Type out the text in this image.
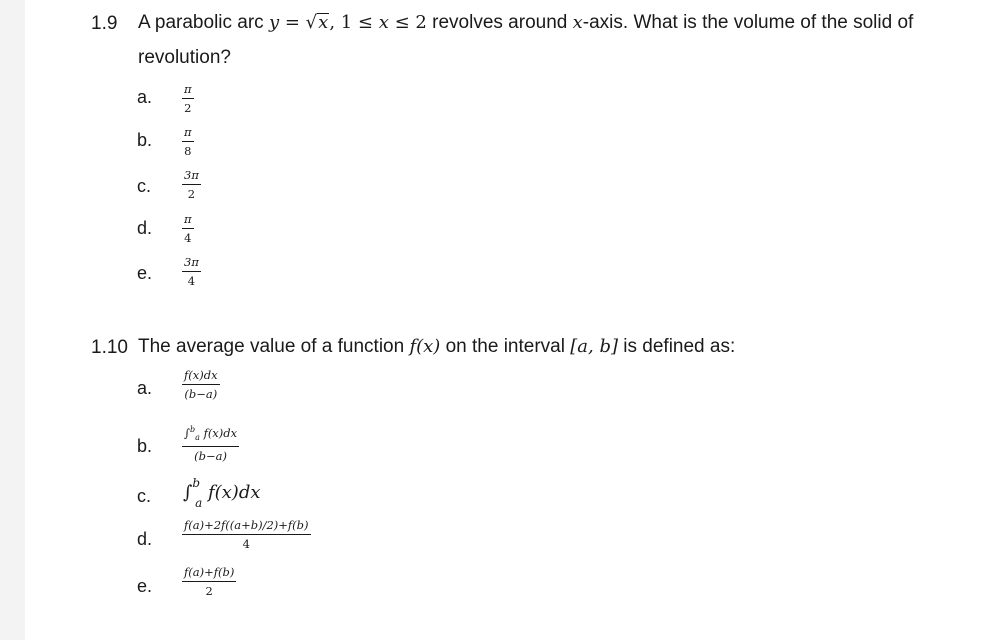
1.9 A parabolic arc y = √x, 1 ≤ x ≤ 2 revolves around x-axis. What is the volume of the solid of
revolution?
a.	$\frac{\pi}{2}$
b.	$\frac{\pi}{8}$
c.	$\frac{3\pi}{2}$
d.	$\frac{\pi}{4}$
e.	$\frac{3\pi}{4}$
1.10 The average value of a function f(x) on the interval [a, b] is defined as:
a.	$\frac{f(x)dx}{(b-a)}$
b.	$\frac{\int^b_a f(x)dx}{(b-a)}$
c. ∫$^b_a$ f(x)dx
d.	$\frac{f(a)+2f((a+b)/2)+f(b)}{4}$
e.	$\frac{f(a)+f(b)}{2}$
